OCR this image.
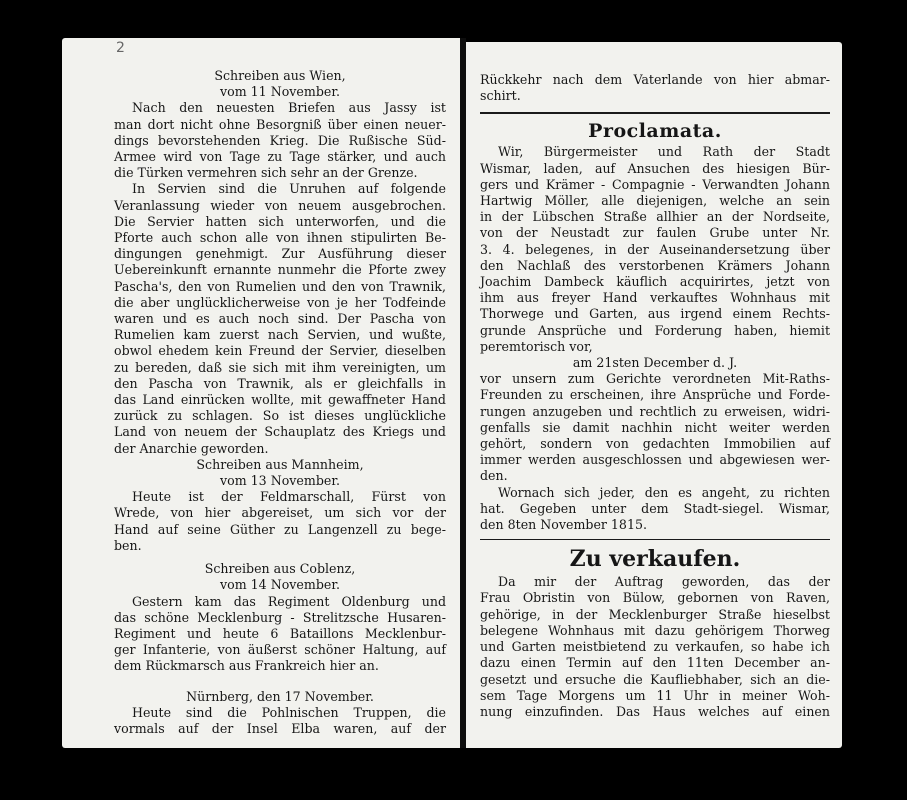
Schreiben aus Wien,
vom 11 November.
Nach den neuesten Briefen aus Jassy ist
man dort nicht ohne Besorgniß über einen neuer-
dings bevorstehenden Krieg. Die Rußische Süd-
Armee wird von Tage zu Tage stärker, und auch
die Türken vermehren sich sehr an der Grenze.
In Servien sind die Unruhen auf folgende
Veranlassung wieder von neuem ausgebrochen.
Die Servier hatten sich unterworfen, und die
Pforte auch schon alle von ihnen stipulirten Be-
dingungen genehmigt. Zur Ausführung dieser
Uebereinkunft ernannte nunmehr die Pforte zwey
Pascha's, den von Rumelien und den von Trawnik,
die aber unglücklicherweise von je her Todfeinde
waren und es auch noch sind. Der Pascha von
Rumelien kam zuerst nach Servien, und wußte,
obwol ehedem kein Freund der Servier, dieselben
zu bereden, daß sie sich mit ihm vereinigten, um
den Pascha von Trawnik, als er gleichfalls in
das Land einrücken wollte, mit gewaffneter Hand
zurück zu schlagen. So ist dieses unglückliche
Land von neuem der Schauplatz des Kriegs und
der Anarchie geworden.
Schreiben aus Mannheim,
vom 13 November.
Heute ist der Feldmarschall, Fürst von
Wrede, von hier abgereiset, um sich vor der
Hand auf seine Güther zu Langenzell zu bege-
ben.
Schreiben aus Coblenz,
vom 14 November.
Gestern kam das Regiment Oldenburg und
das schöne Mecklenburg - Strelitzsche Husaren-
Regiment und heute 6 Bataillons Mecklenbur-
ger Infanterie, von äußerst schöner Haltung, auf
dem Rückmarsch aus Frankreich hier an.
Nürnberg, den 17 November.
Heute sind die Pohlnischen Truppen, die
vormals auf der Insel Elba waren, auf der
Rückkehr nach dem Vaterlande von hier abmar-
schirt.
Proclamata.
Wir, Bürgermeister und Rath der Stadt
Wismar, laden, auf Ansuchen des hiesigen Bür-
gers und Krämer - Compagnie - Verwandten Johann
Hartwig Möller, alle diejenigen, welche an sein
in der Lübschen Straße allhier an der Nordseite,
von der Neustadt zur faulen Grube unter Nr.
3. 4. belegenes, in der Auseinandersetzung über
den Nachlaß des verstorbenen Krämers Johann
Joachim Dambeck käuflich acquirirtes, jetzt von
ihm aus freyer Hand verkauftes Wohnhaus mit
Thorwege und Garten, aus irgend einem Rechts-
grunde Ansprüche und Forderung haben, hiemit
peremtorisch vor,
am 21sten December d. J.
vor unsern zum Gerichte verordneten Mit-Raths-
Freunden zu erscheinen, ihre Ansprüche und Forde-
rungen anzugeben und rechtlich zu erweisen, widri-
genfalls sie damit nachhin nicht weiter werden
gehört, sondern von gedachten Immobilien auf
immer werden ausgeschlossen und abgewiesen wer-
den.
Wornach sich jeder, den es angeht, zu richten
hat. Gegeben unter dem Stadt-siegel. Wismar,
den 8ten November 1815.
Zu verkaufen.
Da mir der Auftrag geworden, das der
Frau Obristin von Bülow, gebornen von Raven,
gehörige, in der Mecklenburger Straße hieselbst
belegene Wohnhaus mit dazu gehörigem Thorweg
und Garten meistbietend zu verkaufen, so habe ich
dazu einen Termin auf den 11ten December an-
gesetzt und ersuche die Kaufliebhaber, sich an die-
sem Tage Morgens um 11 Uhr in meiner Woh-
nung einzufinden. Das Haus welches auf einen
2
